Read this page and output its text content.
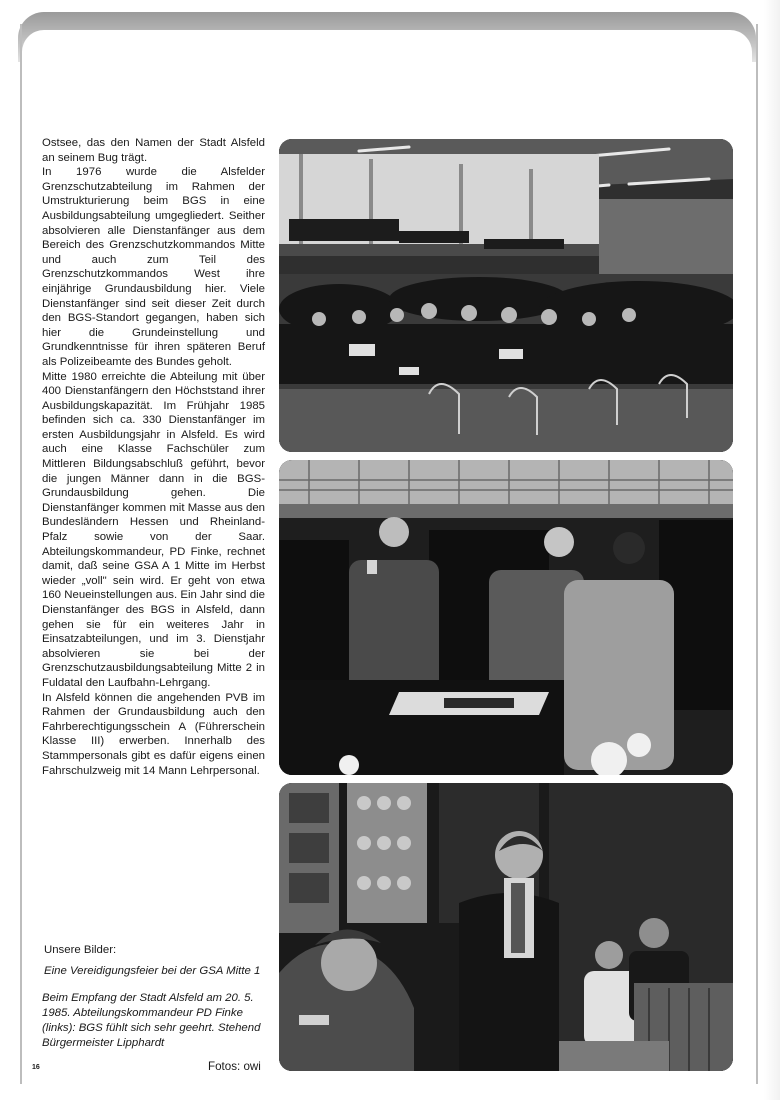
Ostsee, das den Namen der Stadt Alsfeld an seinem Bug trägt.

In 1976 wurde die Alsfelder Grenzschutzabteilung im Rahmen der Umstrukturierung beim BGS in eine Ausbildungsabteilung umgegliedert. Seither absolvieren alle Dienstanfänger aus dem Bereich des Grenzschutzkommandos Mitte und auch zum Teil des Grenzschutzkommandos West ihre einjährige Grundausbildung hier. Viele Dienstanfänger sind seit dieser Zeit durch den BGS-Standort gegangen, haben sich hier die Grundeinstellung und Grundkenntnisse für ihren späteren Beruf als Polizeibeamte des Bundes geholt.

Mitte 1980 erreichte die Abteilung mit über 400 Dienstanfängern den Höchststand ihrer Ausbildungskapazität. Im Frühjahr 1985 befinden sich ca. 330 Dienstanfänger im ersten Ausbildungsjahr in Alsfeld. Es wird auch eine Klasse Fachschüler zum Mittleren Bildungsabschluß geführt, bevor die jungen Männer dann in die BGS-Grundausbildung gehen. Die Dienstanfänger kommen mit Masse aus den Bundesländern Hessen und Rheinland-Pfalz sowie von der Saar. Abteilungskommandeur, PD Finke, rechnet damit, daß seine GSA A 1 Mitte im Herbst wieder „voll" sein wird. Er geht von etwa 160 Neueinstellungen aus. Ein Jahr sind die Dienstanfänger des BGS in Alsfeld, dann gehen sie für ein weiteres Jahr in Einsatzabteilungen, und im 3. Dienstjahr absolvieren sie bei der Grenzschutzausbildungsabteilung Mitte 2 in Fuldatal den Laufbahn-Lehrgang.

In Alsfeld können die angehenden PVB im Rahmen der Grundausbildung auch den Fahrberechtigungsschein A (Führerschein Klasse III) erwerben. Innerhalb des Stammpersonals gibt es dafür eigens einen Fahrschulzweig mit 14 Mann Lehrpersonal.

Unsere Bilder:

Eine Vereidigungsfeier bei der GSA Mitte 1

Beim Empfang der Stadt Alsfeld am 20. 5. 1985. Abteilungskommandeur PD Finke (links): BGS fühlt sich sehr geehrt. Stehend Bürgermeister Lipphardt

16	Fotos: owi
